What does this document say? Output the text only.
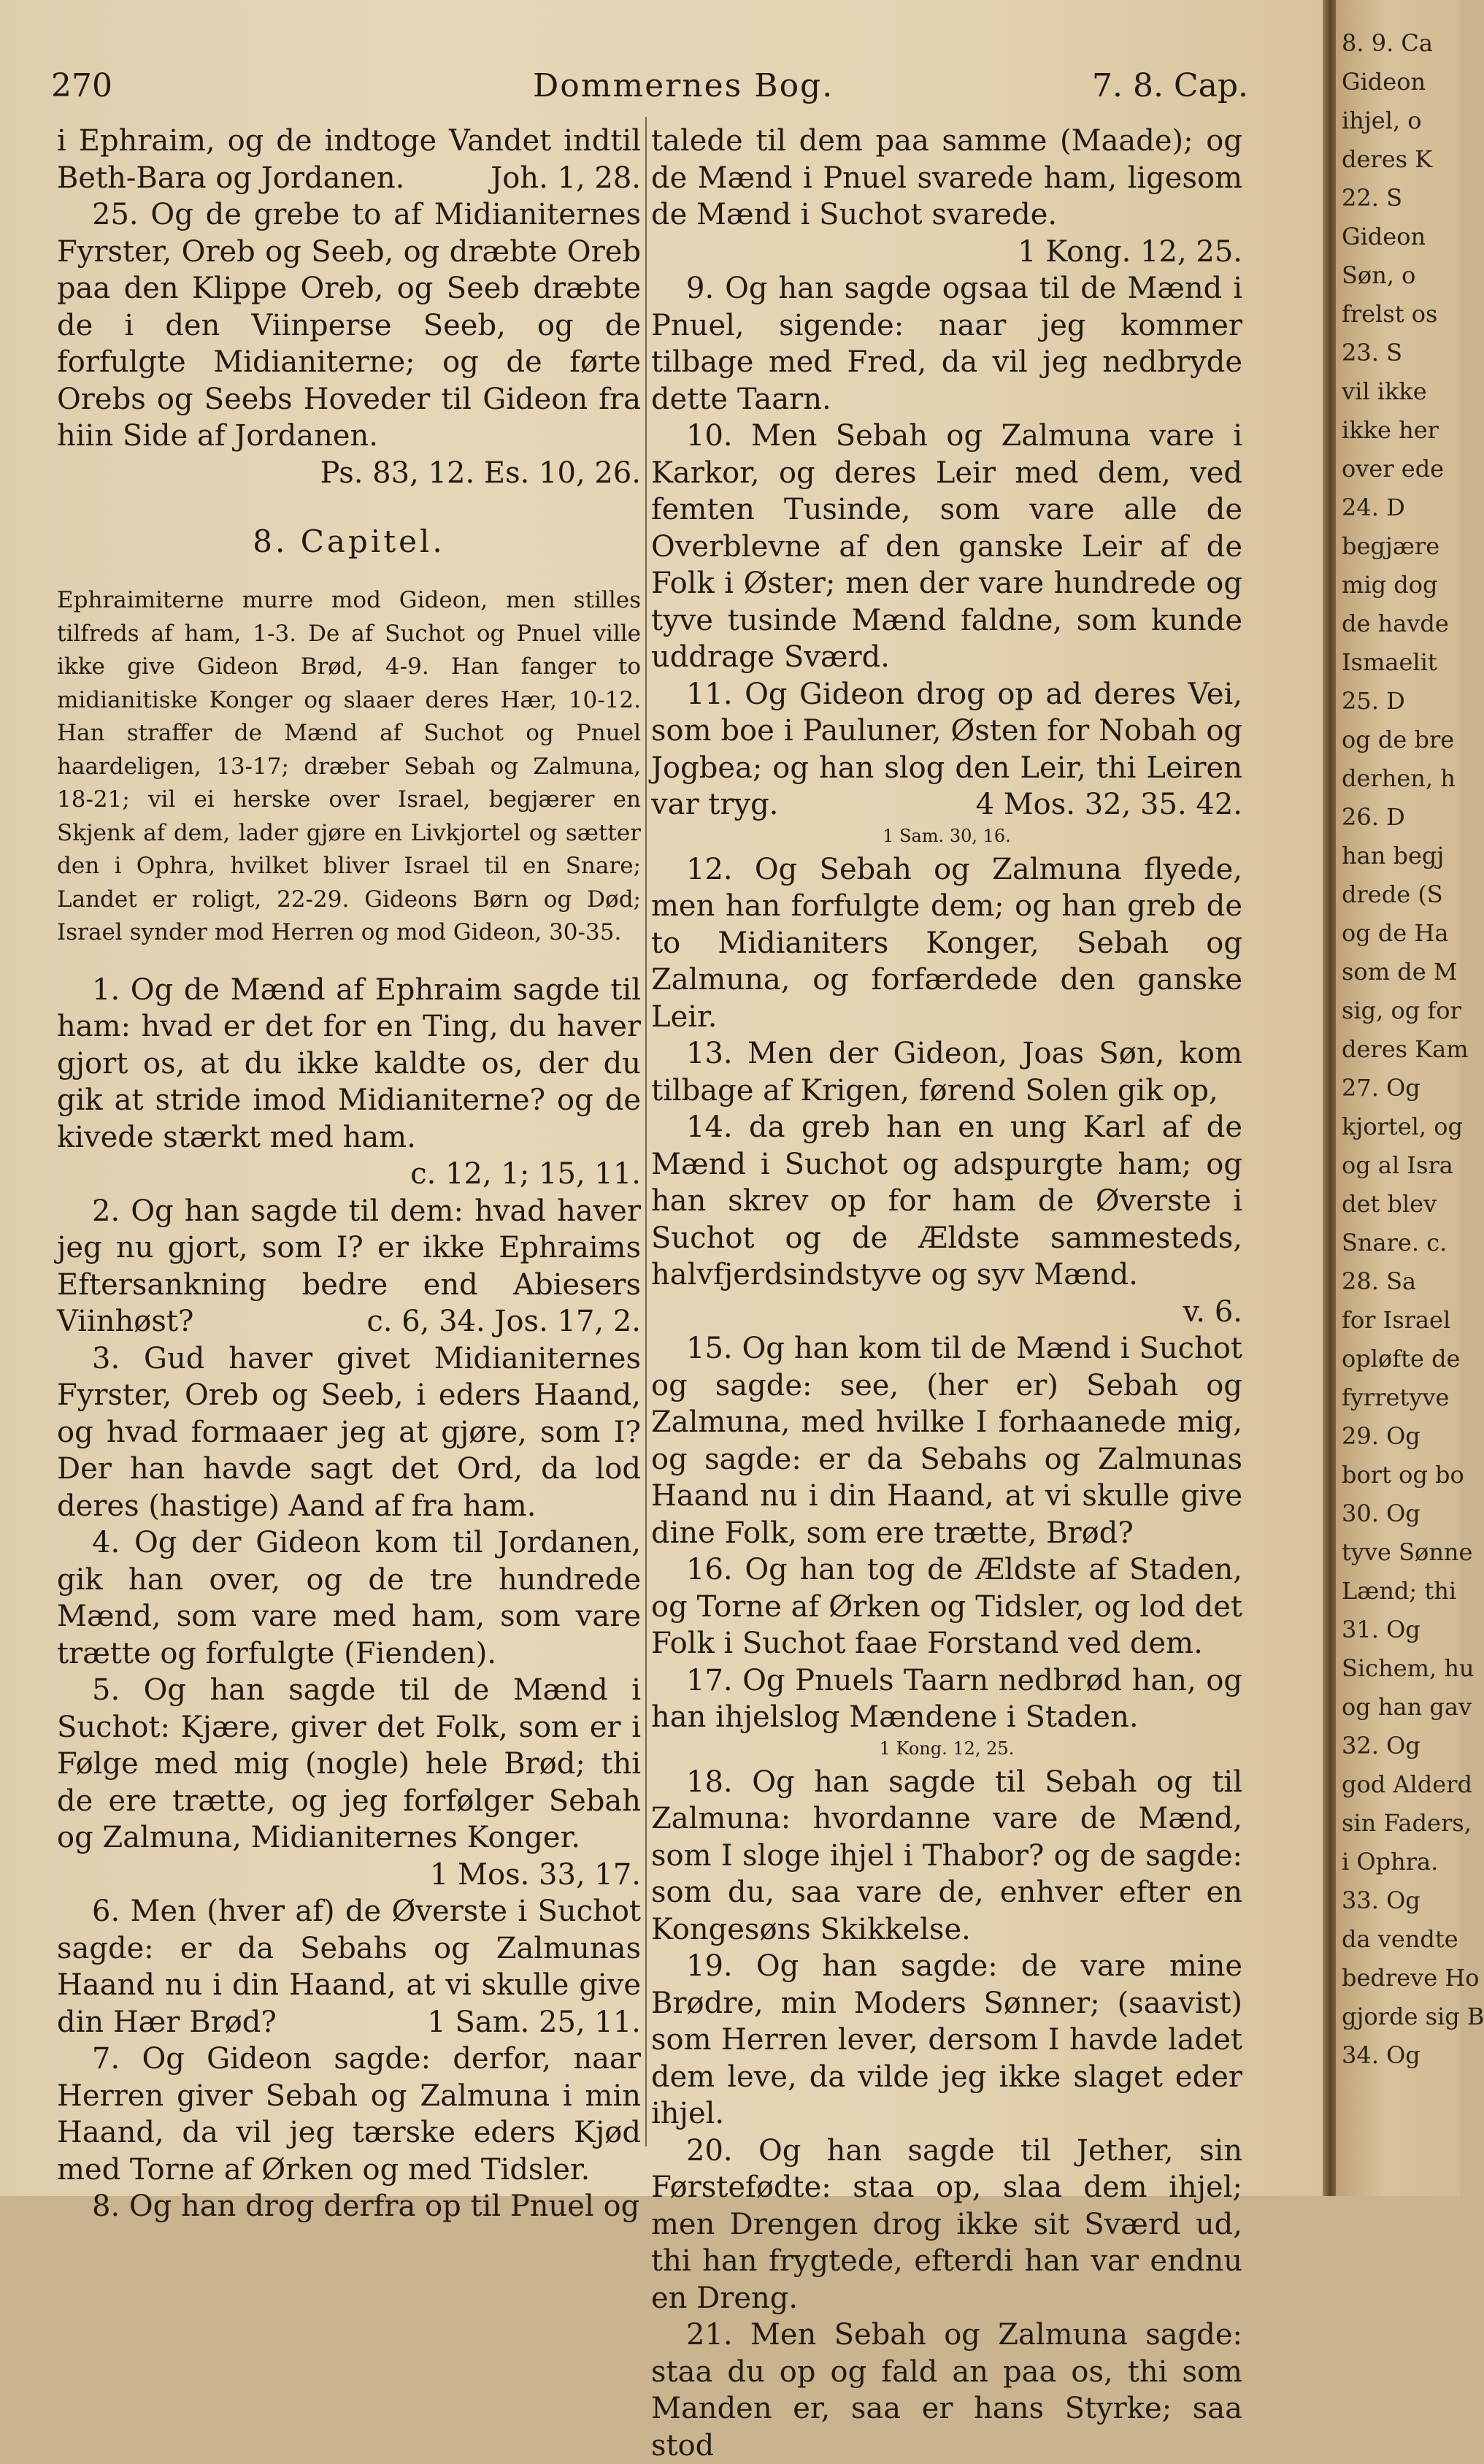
270	Dommernes Bog.	7. 8. Cap.

i Ephraim, og de indtoge Vandet indtil Beth-Bara og Jordanen.	Joh. 1, 28.

25. Og de grebe to af Midianiternes Fyrster, Oreb og Seeb, og dræbte Oreb paa den Klippe Oreb, og Seeb dræbte de i den Viinperse Seeb, og de forfulgte Midianiterne; og de førte Orebs og Seebs Hoveder til Gideon fra hiin Side af Jordanen.
Ps. 83, 12. Es. 10, 26.

8. Capitel.
Ephraimiterne murre mod Gideon, men stilles tilfreds af ham, 1-3. De af Suchot og Pnuel ville ikke give Gideon Brød, 4-9. Han fanger to midianitiske Konger og slaaer deres Hær, 10-12. Han straffer de Mænd af Suchot og Pnuel haardeligen, 13-17; dræber Sebah og Zalmuna, 18-21; vil ei herske over Israel, begjærer en Skjenk af dem, lader gjøre en Livkjortel og sætter den i Ophra, hvilket bliver Israel til en Snare; Landet er roligt, 22-29. Gideons Børn og Død; Israel synder mod Herren og mod Gideon, 30-35.

1. Og de Mænd af Ephraim sagde til ham: hvad er det for en Ting, du haver gjort os, at du ikke kaldte os, der du gik at stride imod Midianiterne? og de kivede stærkt med ham.
c. 12, 1; 15, 11.

2. Og han sagde til dem: hvad haver jeg nu gjort, som I? er ikke Ephraims Eftersankning bedre end Abiesers Viinhøst?	c. 6, 34. Jos. 17, 2.

3. Gud haver givet Midianiternes Fyrster, Oreb og Seeb, i eders Haand, og hvad formaaer jeg at gjøre, som I? Der han havde sagt det Ord, da lod deres (hastige) Aand af fra ham.

4. Og der Gideon kom til Jordanen, gik han over, og de tre hundrede Mænd, som vare med ham, som vare trætte og forfulgte (Fienden).

5. Og han sagde til de Mænd i Suchot: Kjære, giver det Folk, som er i Følge med mig (nogle) hele Brød; thi de ere trætte, og jeg forfølger Sebah og Zalmuna, Midianiternes Konger.
1 Mos. 33, 17.

6. Men (hver af) de Øverste i Suchot sagde: er da Sebahs og Zalmunas Haand nu i din Haand, at vi skulle give din Hær Brød?	1 Sam. 25, 11.

7. Og Gideon sagde: derfor, naar Herren giver Sebah og Zalmuna i min Haand, da vil jeg tærske eders Kjød med Torne af Ørken og med Tidsler.

8. Og han drog derfra op til Pnuel og

talede til dem paa samme (Maade); og de Mænd i Pnuel svarede ham, ligesom de Mænd i Suchot svarede.
1 Kong. 12, 25.

9. Og han sagde ogsaa til de Mænd i Pnuel, sigende: naar jeg kommer tilbage med Fred, da vil jeg nedbryde dette Taarn.

10. Men Sebah og Zalmuna vare i Karkor, og deres Leir med dem, ved femten Tusinde, som vare alle de Overblevne af den ganske Leir af de Folk i Øster; men der vare hundrede og tyve tusinde Mænd faldne, som kunde uddrage Sværd.

11. Og Gideon drog op ad deres Vei, som boe i Pauluner, Østen for Nobah og Jogbea; og han slog den Leir, thi Leiren var tryg.	4 Mos. 32, 35. 42.

1 Sam. 30, 16.

12. Og Sebah og Zalmuna flyede, men han forfulgte dem; og han greb de to Midianiters Konger, Sebah og Zalmuna, og forfærdede den ganske Leir.

13. Men der Gideon, Joas Søn, kom tilbage af Krigen, førend Solen gik op,

14. da greb han en ung Karl af de Mænd i Suchot og adspurgte ham; og han skrev op for ham de Øverste i Suchot og de Ældste sammesteds, halvfjerdsindstyve og syv Mænd.
v. 6.

15. Og han kom til de Mænd i Suchot og sagde: see, (her er) Sebah og Zalmuna, med hvilke I forhaanede mig, og sagde: er da Sebahs og Zalmunas Haand nu i din Haand, at vi skulle give dine Folk, som ere trætte, Brød?

16. Og han tog de Ældste af Staden, og Torne af Ørken og Tidsler, og lod det Folk i Suchot faae Forstand ved dem.

17. Og Pnuels Taarn nedbrød han, og han ihjelslog Mændene i Staden.

1 Kong. 12, 25.

18. Og han sagde til Sebah og til Zalmuna: hvordanne vare de Mænd, som I sloge ihjel i Thabor? og de sagde: som du, saa vare de, enhver efter en Kongesøns Skikkelse.

19. Og han sagde: de vare mine Brødre, min Moders Sønner; (saavist) som Herren lever, dersom I havde ladet dem leve, da vilde jeg ikke slaget eder ihjel.

20. Og han sagde til Jether, sin Førstefødte: staa op, slaa dem ihjel; men Drengen drog ikke sit Sværd ud, thi han frygtede, efterdi han var endnu en Dreng.

21. Men Sebah og Zalmuna sagde: staa du op og fald an paa os, thi som Manden er, saa er hans Styrke; saa stod

8. 9. Ca
Gideon
ihjel, o
deres K
22. S
Gideon
Søn, o
frelst os
23. S
vil ikke
ikke her
over ede
24. D
begjære
mig dog
de havde
Ismaelit
25. D
og de bre
derhen, h
26. D
han begj
drede (S
og de Ha
som de M
sig, og for
deres Kam
27. Og
kjortel, og
og al Isra
det blev
Snare. c.
28. Sa
for Israel
opløfte de
fyrretyve
29. Og
bort og bo
30. Og
tyve Sønne
Lænd; thi
31. Og
Sichem, hu
og han gav
32. Og
god Alderd
sin Faders,
i Ophra.
33. Og
da vendte
bedreve Ho
gjorde sig B
34. Og
